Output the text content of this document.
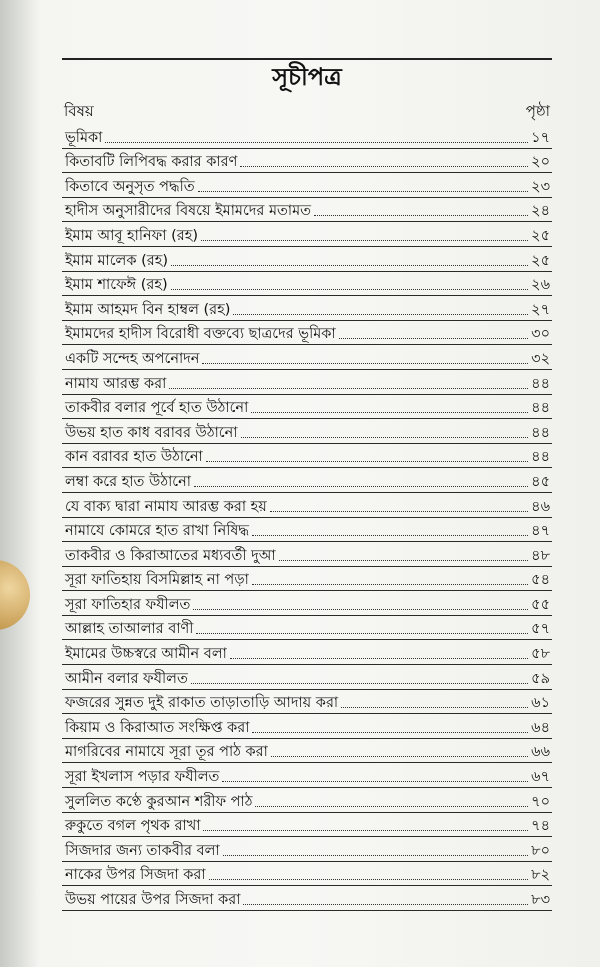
সূচীপত্র
বিষয়	পৃষ্ঠা
ভূমিকা	১৭
কিতাবটি লিপিবদ্ধ করার কারণ	২০
কিতাবে অনুসৃত পদ্ধতি	২৩
হাদীস অনুসারীদের বিষয়ে ইমামদের মতামত	২৪
ইমাম আবূ হানিফা (রহ)	২৫
ইমাম মালেক (রহ)	২৫
ইমাম শাফেঈ (রহ)	২৬
ইমাম আহমদ বিন হাম্বল (রহ)	২৭
ইমামদের হাদীস বিরোধী বক্তব্যে ছাত্রদের ভূমিকা	৩০
একটি সন্দেহ অপনোদন	৩২
নামায আরম্ভ করা	৪৪
তাকবীর বলার পূর্বে হাত উঠানো	৪৪
উভয় হাত কাধ বরাবর উঠানো	৪৪
কান বরাবর হাত উঠানো	৪৪
লম্বা করে হাত উঠানো	৪৫
যে বাক্য দ্বারা নামায আরম্ভ করা হয়	৪৬
নামাযে কোমরে হাত রাখা নিষিদ্ধ	৪৭
তাকবীর ও কিরাআতের মধ্যবর্তী দুআ	৪৮
সূরা ফাতিহায় বিসমিল্লাহ না পড়া	৫৪
সূরা ফাতিহার ফযীলত	৫৫
আল্লাহ তাআলার বাণী	৫৭
ইমামের উচ্চস্বরে আমীন বলা	৫৮
আমীন বলার ফযীলত	৫৯
ফজরের সুন্নত দুই রাকাত তাড়াতাড়ি আদায় করা	৬১
কিয়াম ও কিরাআত সংক্ষিপ্ত করা	৬৪
মাগরিবের নামাযে সূরা তূর পাঠ করা	৬৬
সূরা ইখলাস পড়ার ফযীলত	৬৭
সুললিত কণ্ঠে কুরআন শরীফ পাঠ	৭০
রুকুতে বগল পৃথক রাখা	৭৪
সিজদার জন্য তাকবীর বলা	৮০
নাকের উপর সিজদা করা	৮২
উভয় পায়ের উপর সিজদা করা	৮৩
